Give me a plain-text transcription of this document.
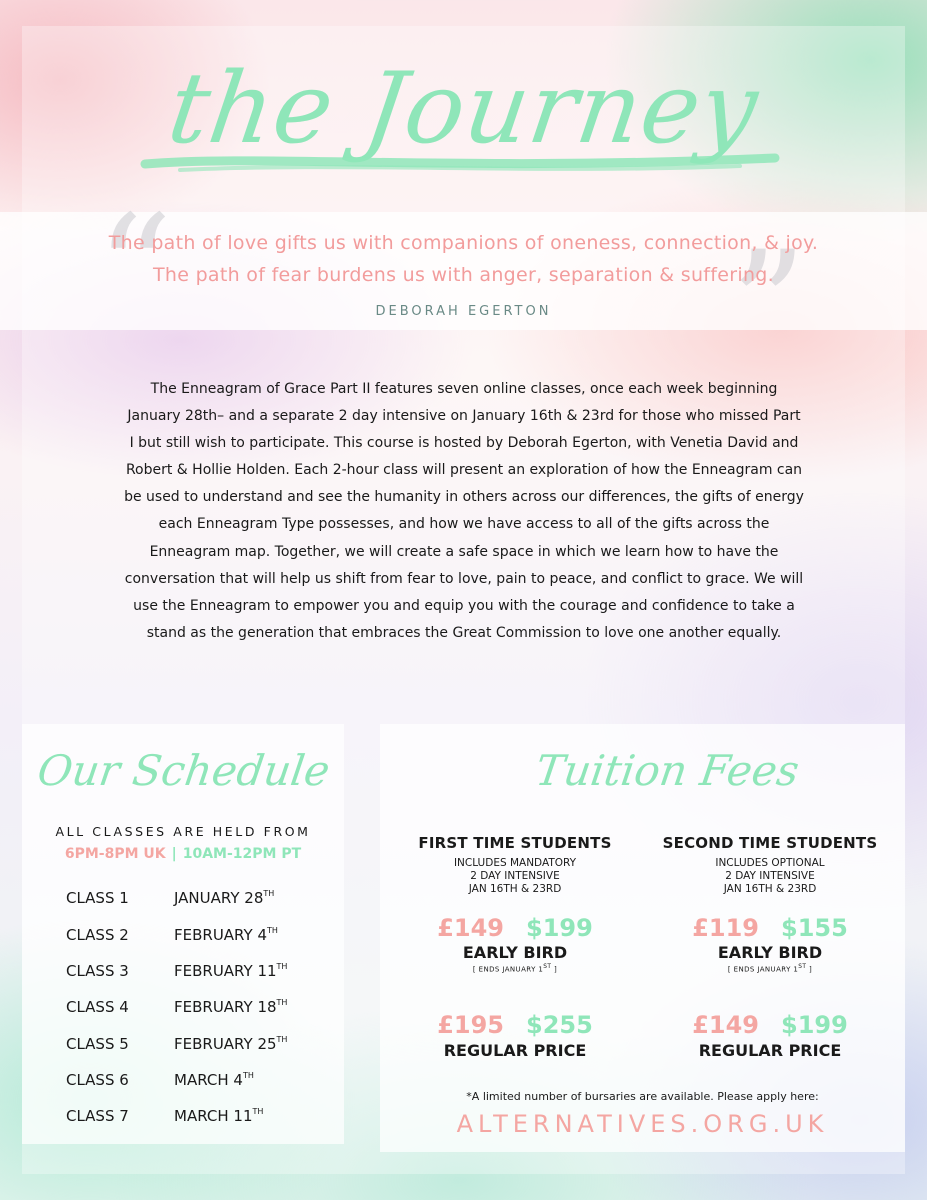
the Journey
“	”
The path of love gifts us with companions of oneness, connection, & joy.
The path of fear burdens us with anger, separation & suffering.
DEBORAH EGERTON

The Enneagram of Grace Part II features seven online classes, once each week beginning January 28th– and a separate 2 day intensive on January 16th & 23rd for those who missed Part I but still wish to participate. This course is hosted by Deborah Egerton, with Venetia David and Robert & Hollie Holden. Each 2-hour class will present an exploration of how the Enneagram can be used to understand and see the humanity in others across our differences, the gifts of energy each Enneagram Type possesses, and how we have access to all of the gifts across the Enneagram map. Together, we will create a safe space in which we learn how to have the conversation that will help us shift from fear to love, pain to peace, and conflict to grace. We will use the Enneagram to empower you and equip you with the courage and confidence to take a stand as the generation that embraces the Great Commission to love one another equally.

Our Schedule
ALL CLASSES ARE HELD FROM
6PM-8PM UK | 10AM-12PM PT
CLASS 1	JANUARY 28TH
CLASS 2	FEBRUARY 4TH
CLASS 3	FEBRUARY 11TH
CLASS 4	FEBRUARY 18TH
CLASS 5	FEBRUARY 25TH
CLASS 6	MARCH 4TH
CLASS 7	MARCH 11TH
Tuition Fees
FIRST TIME STUDENTS
INCLUDES MANDATORY
2 DAY INTENSIVE
JAN 16TH & 23RD
£149 $199
EARLY BIRD
[ ENDS JANUARY 1ST ]
£195 $255
REGULAR PRICE
SECOND TIME STUDENTS
INCLUDES OPTIONAL
2 DAY INTENSIVE
JAN 16TH & 23RD
£119 $155
EARLY BIRD
[ ENDS JANUARY 1ST ]
£149 $199
REGULAR PRICE
*A limited number of bursaries are available. Please apply here:
ALTERNATIVES.ORG.UK
